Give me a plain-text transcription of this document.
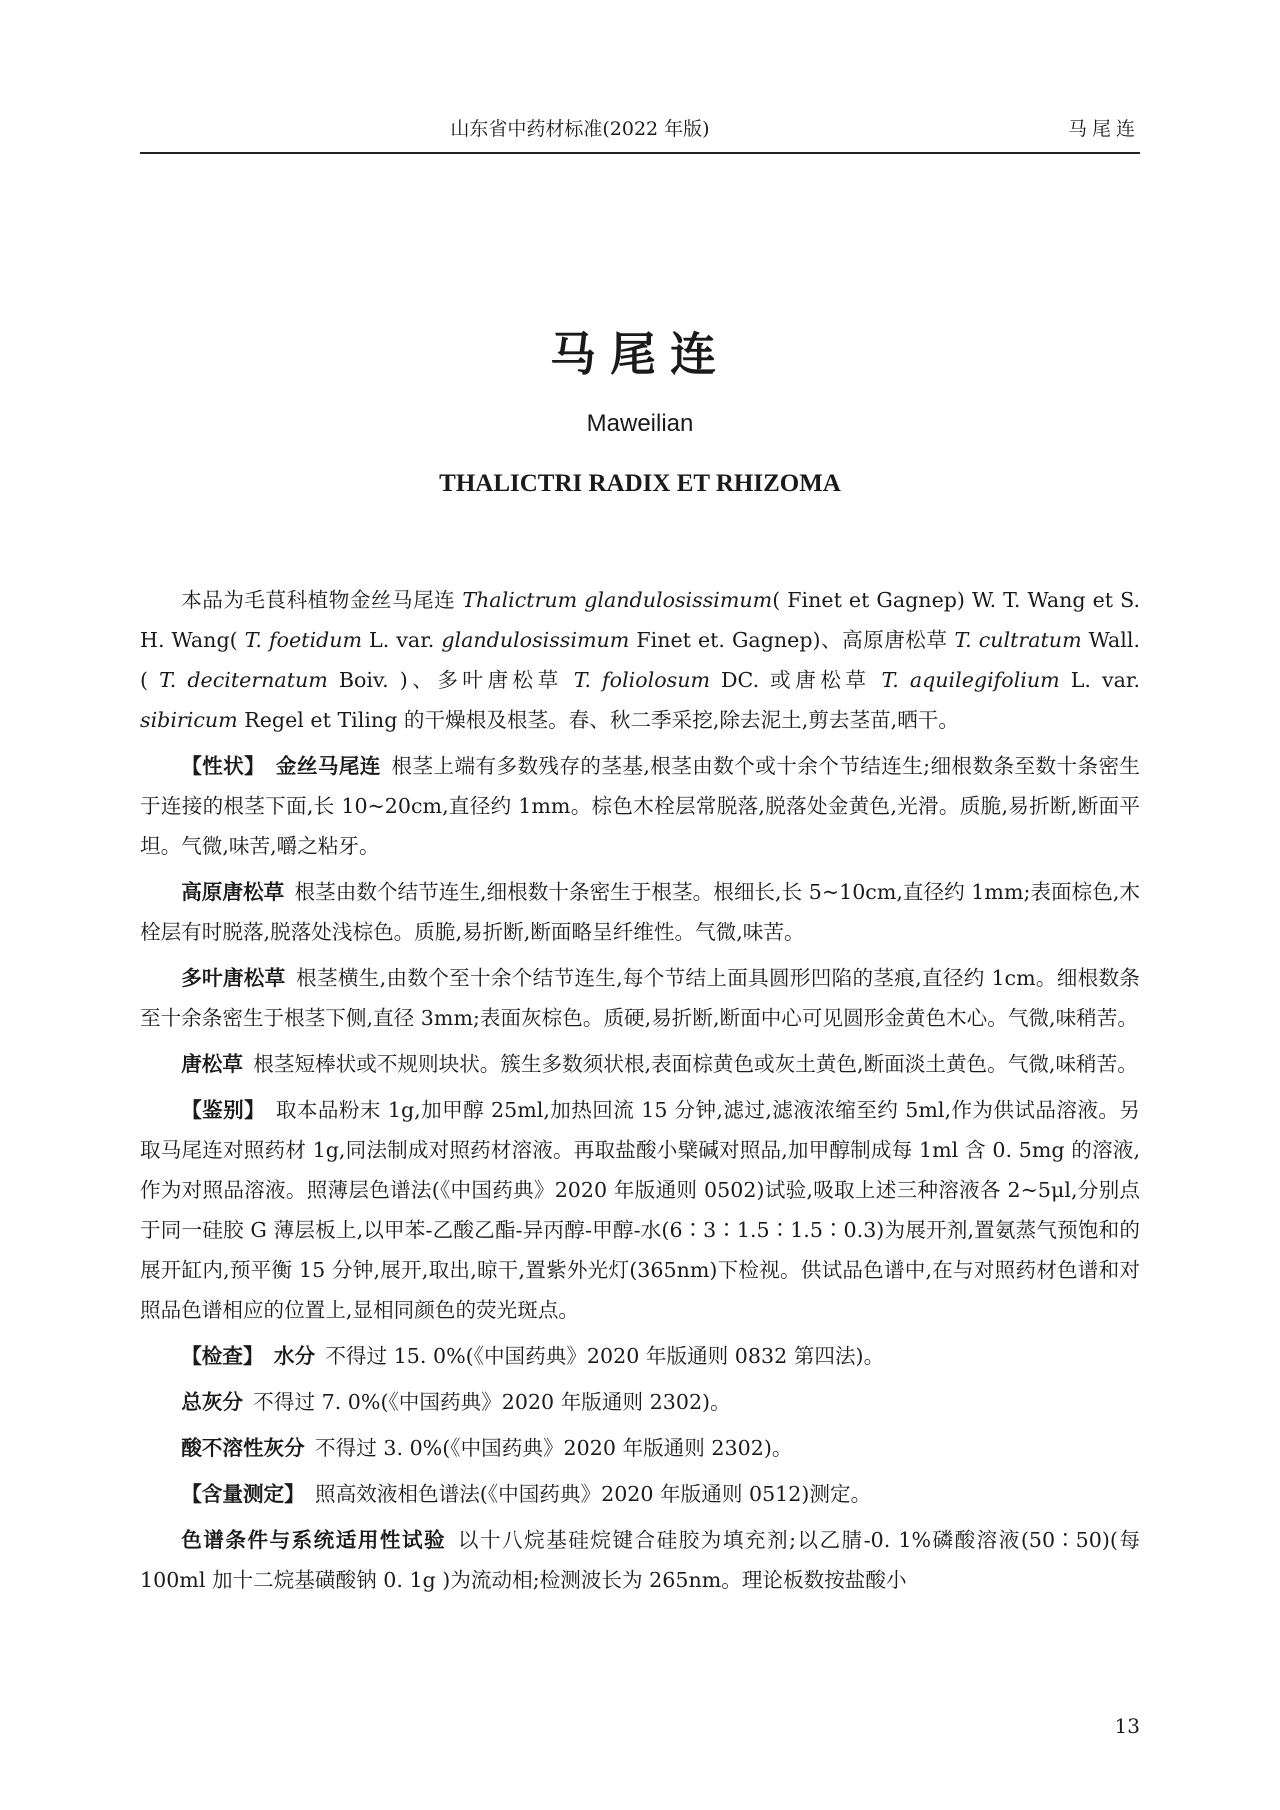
山东省中药材标准(2022 年版)	马尾连
马尾连
Maweilian
THALICTRI RADIX ET RHIZOMA

本品为毛茛科植物金丝马尾连 Thalictrum glandulosissimum( Finet et Gagnep) W. T. Wang et S. H. Wang( T. foetidum L. var. glandulosissimum Finet et. Gagnep)、高原唐松草 T. cultratum Wall. ( T. deciternatum Boiv. )、多叶唐松草 T. foliolosum DC. 或唐松草 T. aquilegifolium L. var. sibiricum Regel et Tiling 的干燥根及根茎。春、秋二季采挖,除去泥土,剪去茎苗,晒干。

【性状】  金丝马尾连  根茎上端有多数残存的茎基,根茎由数个或十余个节结连生;细根数条至数十条密生于连接的根茎下面,长 10~20cm,直径约 1mm。棕色木栓层常脱落,脱落处金黄色,光滑。质脆,易折断,断面平坦。气微,味苦,嚼之粘牙。

高原唐松草  根茎由数个结节连生,细根数十条密生于根茎。根细长,长 5~10cm,直径约 1mm;表面棕色,木栓层有时脱落,脱落处浅棕色。质脆,易折断,断面略呈纤维性。气微,味苦。

多叶唐松草  根茎横生,由数个至十余个结节连生,每个节结上面具圆形凹陷的茎痕,直径约 1cm。细根数条至十余条密生于根茎下侧,直径 3mm;表面灰棕色。质硬,易折断,断面中心可见圆形金黄色木心。气微,味稍苦。

唐松草  根茎短棒状或不规则块状。簇生多数须状根,表面棕黄色或灰土黄色,断面淡土黄色。气微,味稍苦。

【鉴别】  取本品粉末 1g,加甲醇 25ml,加热回流 15 分钟,滤过,滤液浓缩至约 5ml,作为供试品溶液。另取马尾连对照药材 1g,同法制成对照药材溶液。再取盐酸小檗碱对照品,加甲醇制成每 1ml 含 0. 5mg 的溶液,作为对照品溶液。照薄层色谱法(《中国药典》2020 年版通则 0502)试验,吸取上述三种溶液各 2~5μl,分别点于同一硅胶 G 薄层板上,以甲苯-乙酸乙酯-异丙醇-甲醇-水(6∶3∶1.5∶1.5∶0.3)为展开剂,置氨蒸气预饱和的展开缸内,预平衡 15 分钟,展开,取出,晾干,置紫外光灯(365nm)下检视。供试品色谱中,在与对照药材色谱和对照品色谱相应的位置上,显相同颜色的荧光斑点。

【检查】  水分  不得过 15. 0%(《中国药典》2020 年版通则 0832 第四法)。

总灰分  不得过 7. 0%(《中国药典》2020 年版通则 2302)。

酸不溶性灰分  不得过 3. 0%(《中国药典》2020 年版通则 2302)。

【含量测定】  照高效液相色谱法(《中国药典》2020 年版通则 0512)测定。

色谱条件与系统适用性试验  以十八烷基硅烷键合硅胶为填充剂;以乙腈-0. 1%磷酸溶液(50∶50)(每 100ml 加十二烷基磺酸钠 0. 1g )为流动相;检测波长为 265nm。理论板数按盐酸小

13
